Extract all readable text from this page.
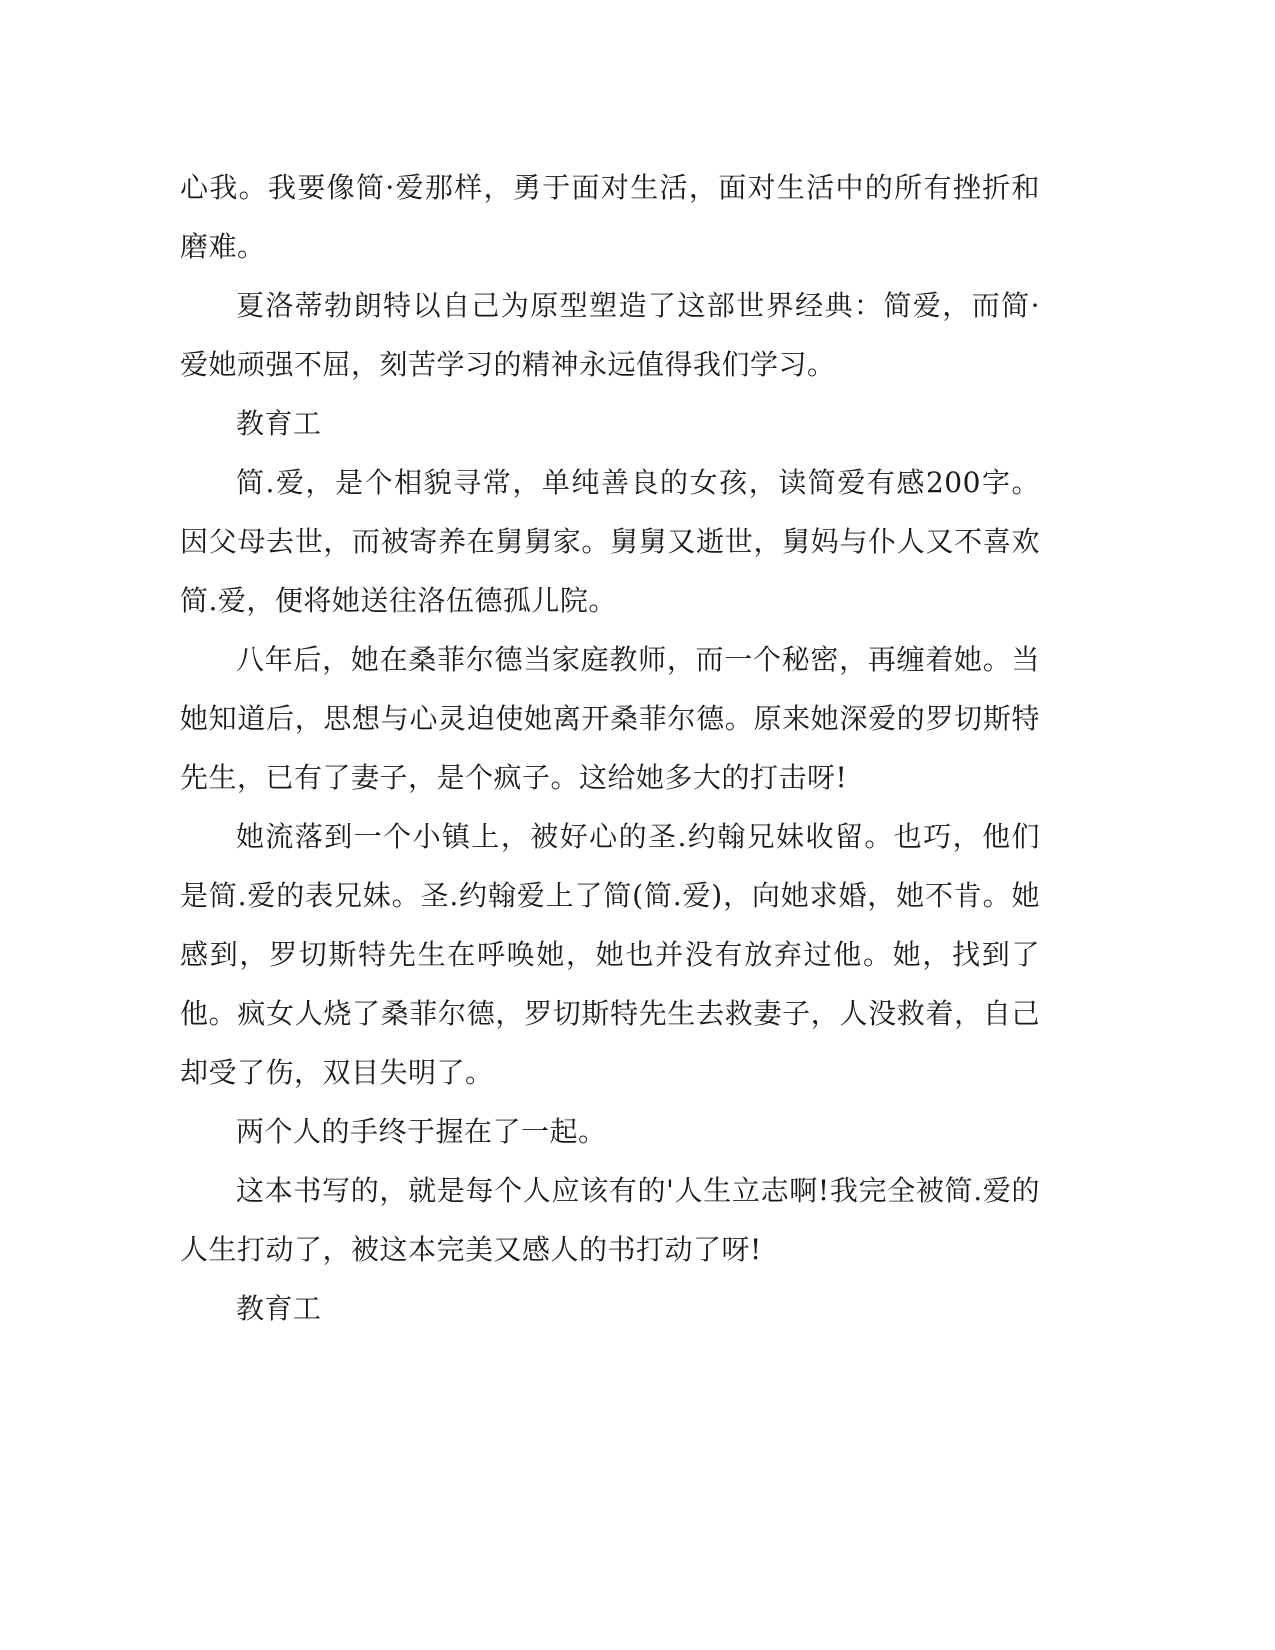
心我。我要像简·爱那样，勇于面对生活，面对生活中的所有挫折和磨难。

夏洛蒂勃朗特以自己为原型塑造了这部世界经典：简爱，而简·爱她顽强不屈，刻苦学习的精神永远值得我们学习。

教育工

简.爱，是个相貌寻常，单纯善良的女孩，读简爱有感200字。因父母去世，而被寄养在舅舅家。舅舅又逝世，舅妈与仆人又不喜欢简.爱，便将她送往洛伍德孤儿院。

八年后，她在桑菲尔德当家庭教师，而一个秘密，再缠着她。当她知道后，思想与心灵迫使她离开桑菲尔德。原来她深爱的罗切斯特先生，已有了妻子，是个疯子。这给她多大的打击呀!

她流落到一个小镇上，被好心的圣.约翰兄妹收留。也巧，他们是简.爱的表兄妹。圣.约翰爱上了简(简.爱)，向她求婚，她不肯。她感到，罗切斯特先生在呼唤她，她也并没有放弃过他。她，找到了他。疯女人烧了桑菲尔德，罗切斯特先生去救妻子，人没救着，自己却受了伤，双目失明了。

两个人的手终于握在了一起。

这本书写的，就是每个人应该有的'人生立志啊!我完全被简.爱的人生打动了，被这本完美又感人的书打动了呀!

教育工
